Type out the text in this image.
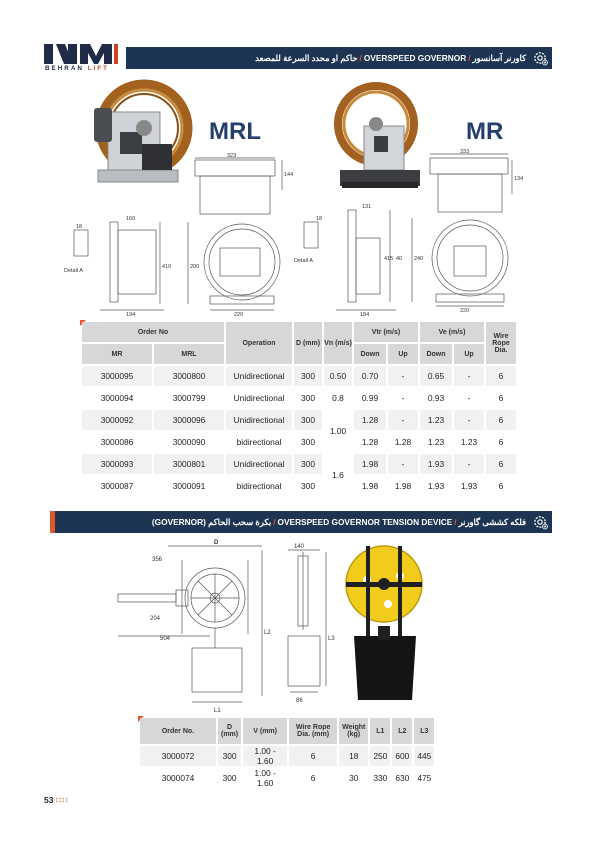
BEHRAN LIFT
حاكم او محدد السرعة للمصعد / OVERSPEED GOVERNOR / کاورنر آسانسور
MRL	MR
323
144
160
18
Detail A
194	220
410	200
333
134
131
18
Detail A
184
220
415 40 240
Order No		Operation	D (mm)	Vn (m/s)	Vtr (m/s)		Ve (m/s)		Wire Rope Dia.
MR	MRL				Down	Up	Down	Up	
3000095	3000800	Unidirectional	300	0.50	0.70	-	0.65	-	6
3000094	3000799	Unidirectional	300	0.8	0.99	-	0.93	-	6
3000092	3000096	Unidirectional	300	1.00	1.28	-	1.23	-	6
3000086	3000090	bidirectional	300		1.28	1.28	1.23	1.23	6
3000093	3000801	Unidirectional	300	1.6	1.98	-	1.93	-	6
3000087	3000091	bidirectional	300		1.98	1.98	1.93	1.93	6
(GOVERNOR)
بكرة سحب الحاكم / OVERSPEED GOVERNOR TENSION DEVICE / فلکه کششی گاورنر
D
356
204
504
L1
L2
140
L3
86
Order No.	D (mm)	V (mm)	Wire Rope Dia. (mm)	Weight (kg)	L1	L2	L3
3000072	300	1.00 - 1.60	6	18	250	600	445
3000074	300	1.00 - 1.60	6	30	330	630	475
53 ∷∷
